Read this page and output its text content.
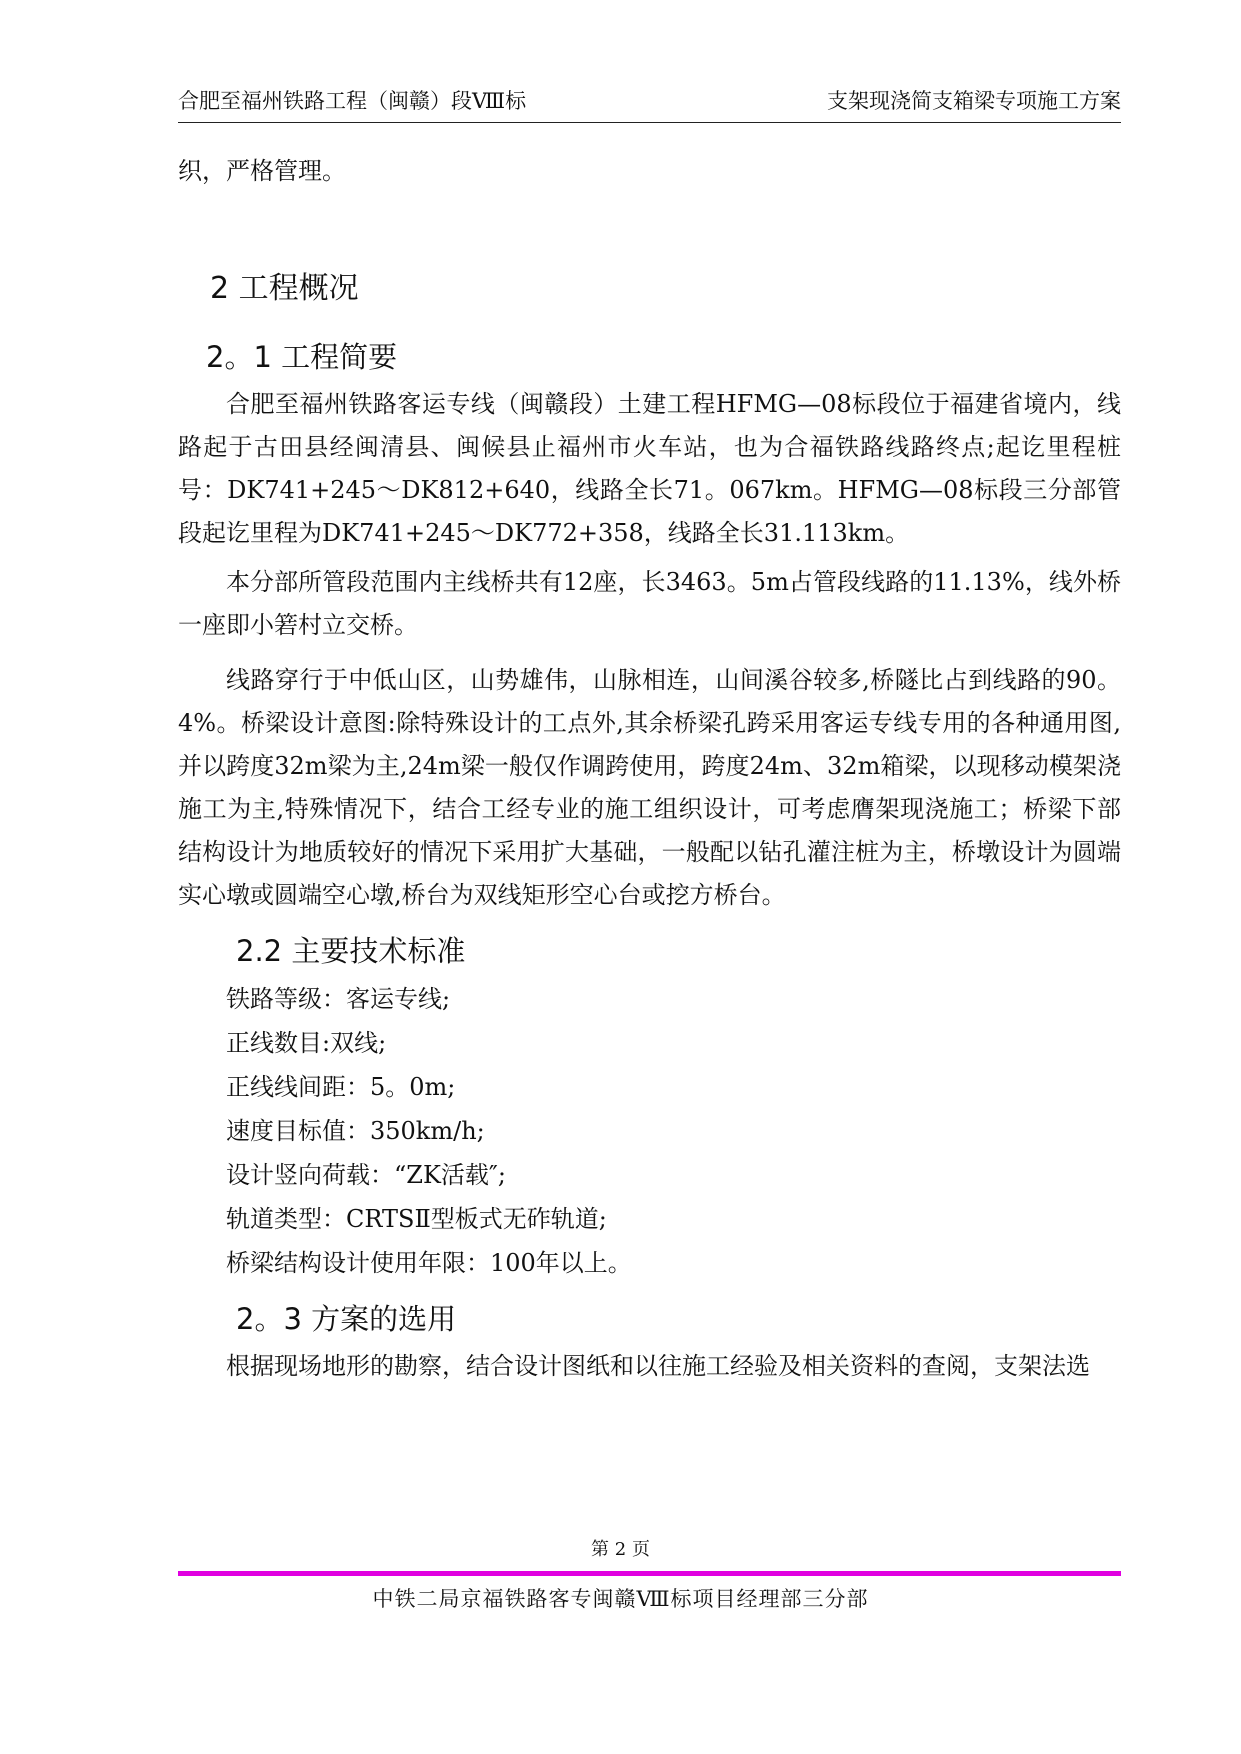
合肥至福州铁路工程（闽赣）段Ⅷ标	支架现浇简支箱梁专项施工方案

织，严格管理。

2 工程概况
2。1 工程简要

合肥至福州铁路客运专线（闽赣段）土建工程HFMG—08标段位于福建省境内，线路起于古田县经闽清县、闽候县止福州市火车站，也为合福铁路线路终点;起讫里程桩号：DK741+245～DK812+640，线路全长71。067km。HFMG—08标段三分部管段起讫里程为DK741+245～DK772+358，线路全长31.113km。

本分部所管段范围内主线桥共有12座，长3463。5m占管段线路的11.13%，线外桥一座即小箬村立交桥。

线路穿行于中低山区，山势雄伟，山脉相连，山间溪谷较多,桥隧比占到线路的90。4%。桥梁设计意图:除特殊设计的工点外,其余桥梁孔跨采用客运专线专用的各种通用图,并以跨度32m梁为主,24m梁一般仅作调跨使用，跨度24m、32m箱梁，以现移动模架浇施工为主,特殊情况下，结合工经专业的施工组织设计，可考虑膺架现浇施工；桥梁下部结构设计为地质较好的情况下采用扩大基础，一般配以钻孔灌注桩为主，桥墩设计为圆端实心墩或圆端空心墩,桥台为双线矩形空心台或挖方桥台。

2.2 主要技术标准
铁路等级：客运专线;
正线数目:双线;
正线线间距：5。0m;
速度目标值：350km/h;
设计竖向荷载：“ZK活载″;
轨道类型：CRTSⅡ型板式无砟轨道;
桥梁结构设计使用年限：100年以上。
2。3 方案的选用

根据现场地形的勘察，结合设计图纸和以往施工经验及相关资料的查阅，支架法选

第 2 页
中铁二局京福铁路客专闽赣Ⅷ标项目经理部三分部
